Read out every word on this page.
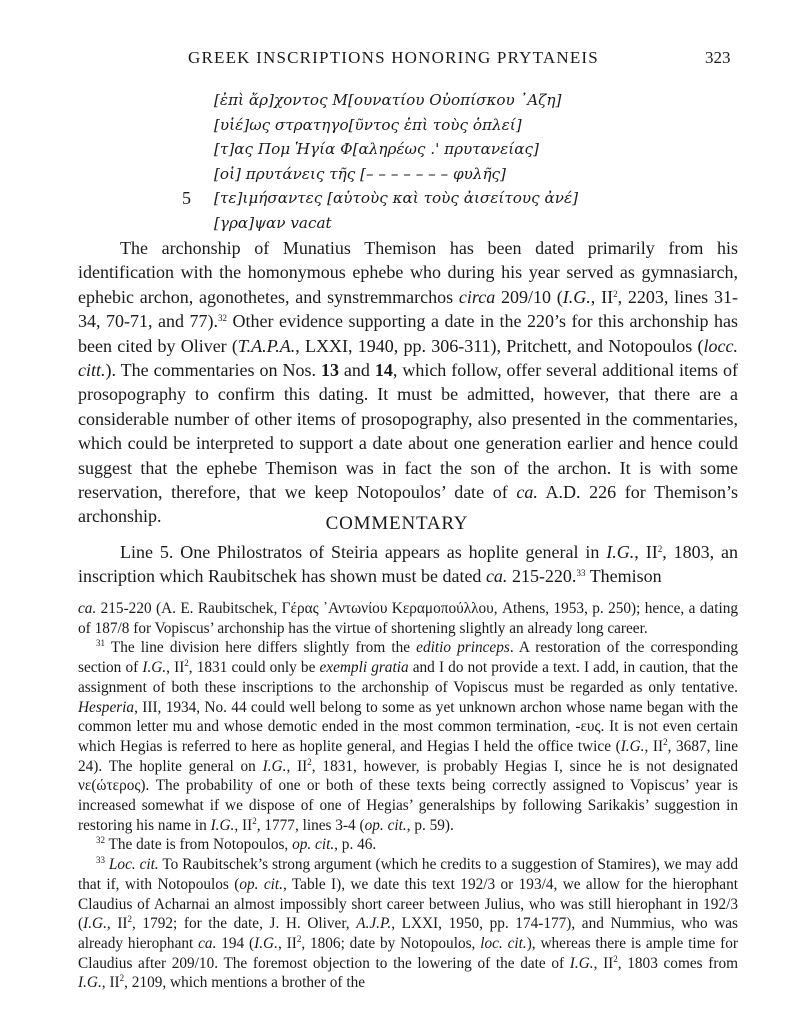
GREEK INSCRIPTIONS HONORING PRYTANEIS	323
[ἐπὶ ἄρ]χοντος Μ[ουνατίου Οὐοπίσκου ᾿Αζη]
[υἱέ]ως στρατηγο[ῦντος ἐπὶ τοὺς ὁπλεί]
[τ]ας Πομ Ἡγία Φ[αληρέως .' πρυτανείας]
[οἱ] πρυτάνεις τῆς [– – – – – – – φυλῆς]
5 [τε]ιμήσαντες [αὑτοὺς καὶ τοὺς ἀισείτους ἀνέ]
[γρα]ψαν vacat
The archonship of Munatius Themison has been dated primarily from his identification with the homonymous ephebe who during his year served as gymnasiarch, ephebic archon, agonothetes, and synstremmarchos circa 209/10 (I.G., $II^2$, 2203, lines 31-34, 70-71, and 77).$^{32}$ Other evidence supporting a date in the 220’s for this archonship has been cited by Oliver (T.A.P.A., LXXI, 1940, pp. 306-311), Pritchett, and Notopoulos (locc. citt.). The commentaries on Nos. 13 and 14, which follow, offer several additional items of prosopography to confirm this dating. It must be admitted, however, that there are a considerable number of other items of prosopography, also presented in the commentaries, which could be interpreted to support a date about one generation earlier and hence could suggest that the ephebe Themison was in fact the son of the archon. It is with some reservation, therefore, that we keep Notopoulos’ date of ca. A.D. 226 for Themison’s archonship.	COMMENTARY
Line 5. One Philostratos of Steiria appears as hoplite general in I.G., $II^2$, 1803, an inscription which Raubitschek has shown must be dated ca. 215-220.33 Themison

ca. 215-220 (A. E. Raubitschek, Γέρας ᾿Αντωνίου Κεραμοπούλλου, Athens, 1953, p. 250); hence, a dating of 187/8 for Vopiscus’ archonship has the virtue of shortening slightly an already long career.

$^{31}$ The line division here differs slightly from the editio princeps. A restoration of the corresponding section of I.G., $II^2$, 1831 could only be exempli gratia and I do not provide a text. I add, in caution, that the assignment of both these inscriptions to the archonship of Vopiscus must be regarded as only tentative. Hesperia, III, 1934, No. 44 could well belong to some as yet unknown archon whose name began with the common letter mu and whose demotic ended in the most common termination, -ευς. It is not even certain which Hegias is referred to here as hoplite general, and Hegias I held the office twice (I.G., $II^2$, 3687, line 24). The hoplite general on I.G., $II^2$, 1831, however, is probably Hegias I, since he is not designated νε(ώτερος). The probability of one or both of these texts being correctly assigned to Vopiscus’ year is increased somewhat if we dispose of one of Hegias’ generalships by following Sarikakis’ suggestion in restoring his name in I.G., $II^2$, 1777, lines 3-4 (op. cit., p. 59).

$^{32}$ The date is from Notopoulos, op. cit., p. 46.

$^{33}$ Loc. cit. To Raubitschek’s strong argument (which he credits to a suggestion of Stamires), we may add that if, with Notopoulos (op. cit., Table I), we date this text 192/3 or 193/4, we allow for the hierophant Claudius of Acharnai an almost impossibly short career between Julius, who was still hierophant in 192/3 (I.G., $II^2$, 1792; for the date, J. H. Oliver, A.J.P., LXXI, 1950, pp. 174-177), and Nummius, who was already hierophant ca. 194 (I.G., $II^2$, 1806; date by Notopoulos, loc. cit.), whereas there is ample time for Claudius after 209/10. The foremost objection to the lowering of the date of I.G., $II^2$, 1803 comes from I.G., $II^2$, 2109, which mentions a brother of the
